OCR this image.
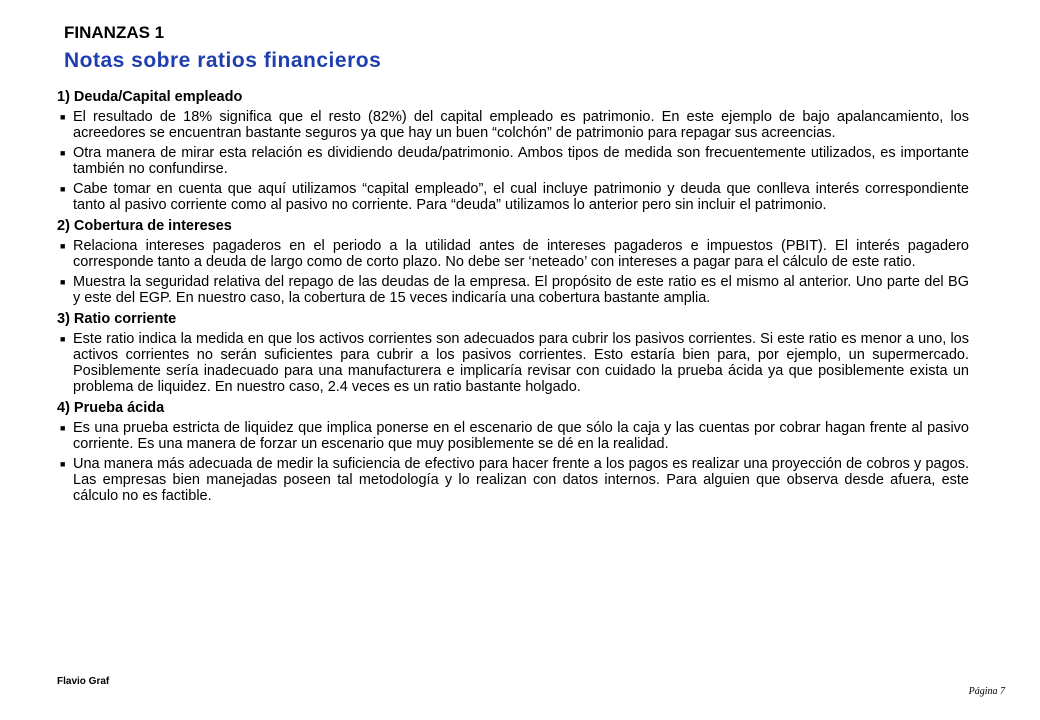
FINANZAS 1
Notas sobre ratios financieros
1) Deuda/Capital empleado
■ El resultado de 18% significa que el resto (82%) del capital empleado es patrimonio. En este ejemplo de bajo apalancamiento, los acreedores se encuentran bastante seguros ya que hay un buen “colchón” de patrimonio para repagar sus acreencias.
■ Otra manera de mirar esta relación es dividiendo deuda/patrimonio. Ambos tipos de medida son frecuentemente utilizados, es importante también no confundirse.
■ Cabe tomar en cuenta que aquí utilizamos “capital empleado”, el cual incluye patrimonio y deuda que conlleva interés correspondiente tanto al pasivo corriente como al pasivo no corriente. Para “deuda” utilizamos lo anterior pero sin incluir el patrimonio.
2) Cobertura de intereses
■ Relaciona intereses pagaderos en el periodo a la utilidad antes de intereses pagaderos e impuestos (PBIT). El interés pagadero corresponde tanto a deuda de largo como de corto plazo. No debe ser ‘neteado’ con intereses a pagar para el cálculo de este ratio.
■ Muestra la seguridad relativa del repago de las deudas de la empresa. El propósito de este ratio es el mismo al anterior. Uno parte del BG y este del EGP. En nuestro caso, la cobertura de 15 veces indicaría una cobertura bastante amplia.
3) Ratio corriente
■ Este ratio indica la medida en que los activos corrientes son adecuados para cubrir los pasivos corrientes. Si este ratio es menor a uno, los activos corrientes no serán suficientes para cubrir a los pasivos corrientes. Esto estaría bien para, por ejemplo, un supermercado. Posiblemente sería inadecuado para una manufacturera e implicaría revisar con cuidado la prueba ácida ya que posiblemente exista un problema de liquidez. En nuestro caso, 2.4 veces es un ratio bastante holgado.
4) Prueba ácida
■ Es una prueba estricta de liquidez que implica ponerse en el escenario de que sólo la caja y las cuentas por cobrar hagan frente al pasivo corriente. Es una manera de forzar un escenario que muy posiblemente se dé en la realidad.
■ Una manera más adecuada de medir la suficiencia de efectivo para hacer frente a los pagos es realizar una proyección de cobros y pagos. Las empresas bien manejadas poseen tal metodología y lo realizan con datos internos. Para alguien que observa desde afuera, este cálculo no es factible.
Flavio Graf
Página 7
